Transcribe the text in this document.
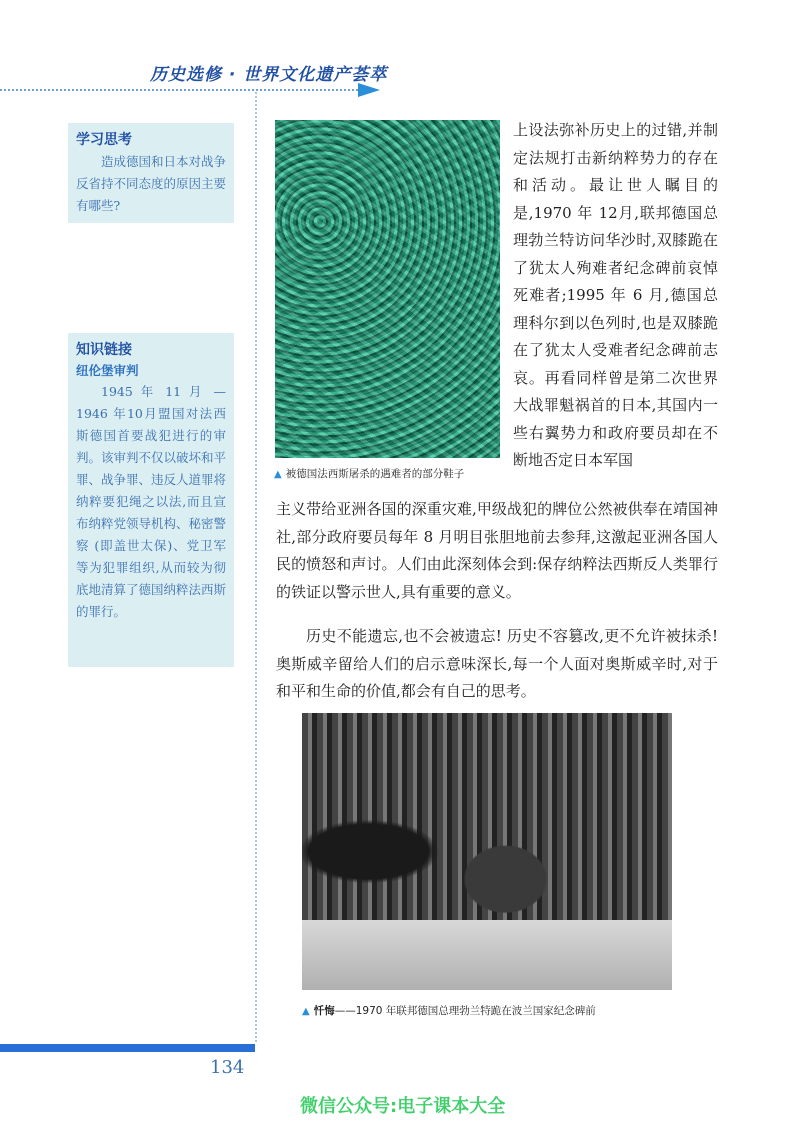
历史选修 · 世界文化遗产荟萃
学习思考
造成德国和日本对战争反省持不同态度的原因主要有哪些?
知识链接
纽伦堡审判
1945 年 11 月 —1946 年10月盟国对法西斯德国首要战犯进行的审判。该审判不仅以破坏和平罪、战争罪、违反人道罪将纳粹要犯绳之以法,而且宣布纳粹党领导机构、秘密警察 (即盖世太保)、党卫军等为犯罪组织,从而较为彻底地清算了德国纳粹法西斯的罪行。
▲ 被德国法西斯屠杀的遇难者的部分鞋子

上设法弥补历史上的过错,并制定法规打击新纳粹势力的存在和活动。最让世人瞩目的是,1970 年 12月,联邦德国总理勃兰特访问华沙时,双膝跪在了犹太人殉难者纪念碑前哀悼死难者;1995 年 6 月,德国总理科尔到以色列时,也是双膝跪在了犹太人受难者纪念碑前志哀。再看同样曾是第二次世界大战罪魁祸首的日本,其国内一些右翼势力和政府要员却在不断地否定日本军国

主义带给亚洲各国的深重灾难,甲级战犯的牌位公然被供奉在靖国神社,部分政府要员每年 8 月明目张胆地前去参拜,这激起亚洲各国人民的愤怒和声讨。人们由此深刻体会到:保存纳粹法西斯反人类罪行的铁证以警示世人,具有重要的意义。

历史不能遗忘,也不会被遗忘! 历史不容篡改,更不允许被抹杀! 奥斯威辛留给人们的启示意味深长,每一个人面对奥斯威辛时,对于和平和生命的价值,都会有自己的思考。

▲ 忏悔——1970 年联邦德国总理勃兰特跪在波兰国家纪念碑前
134
微信公众号:电子课本大全
